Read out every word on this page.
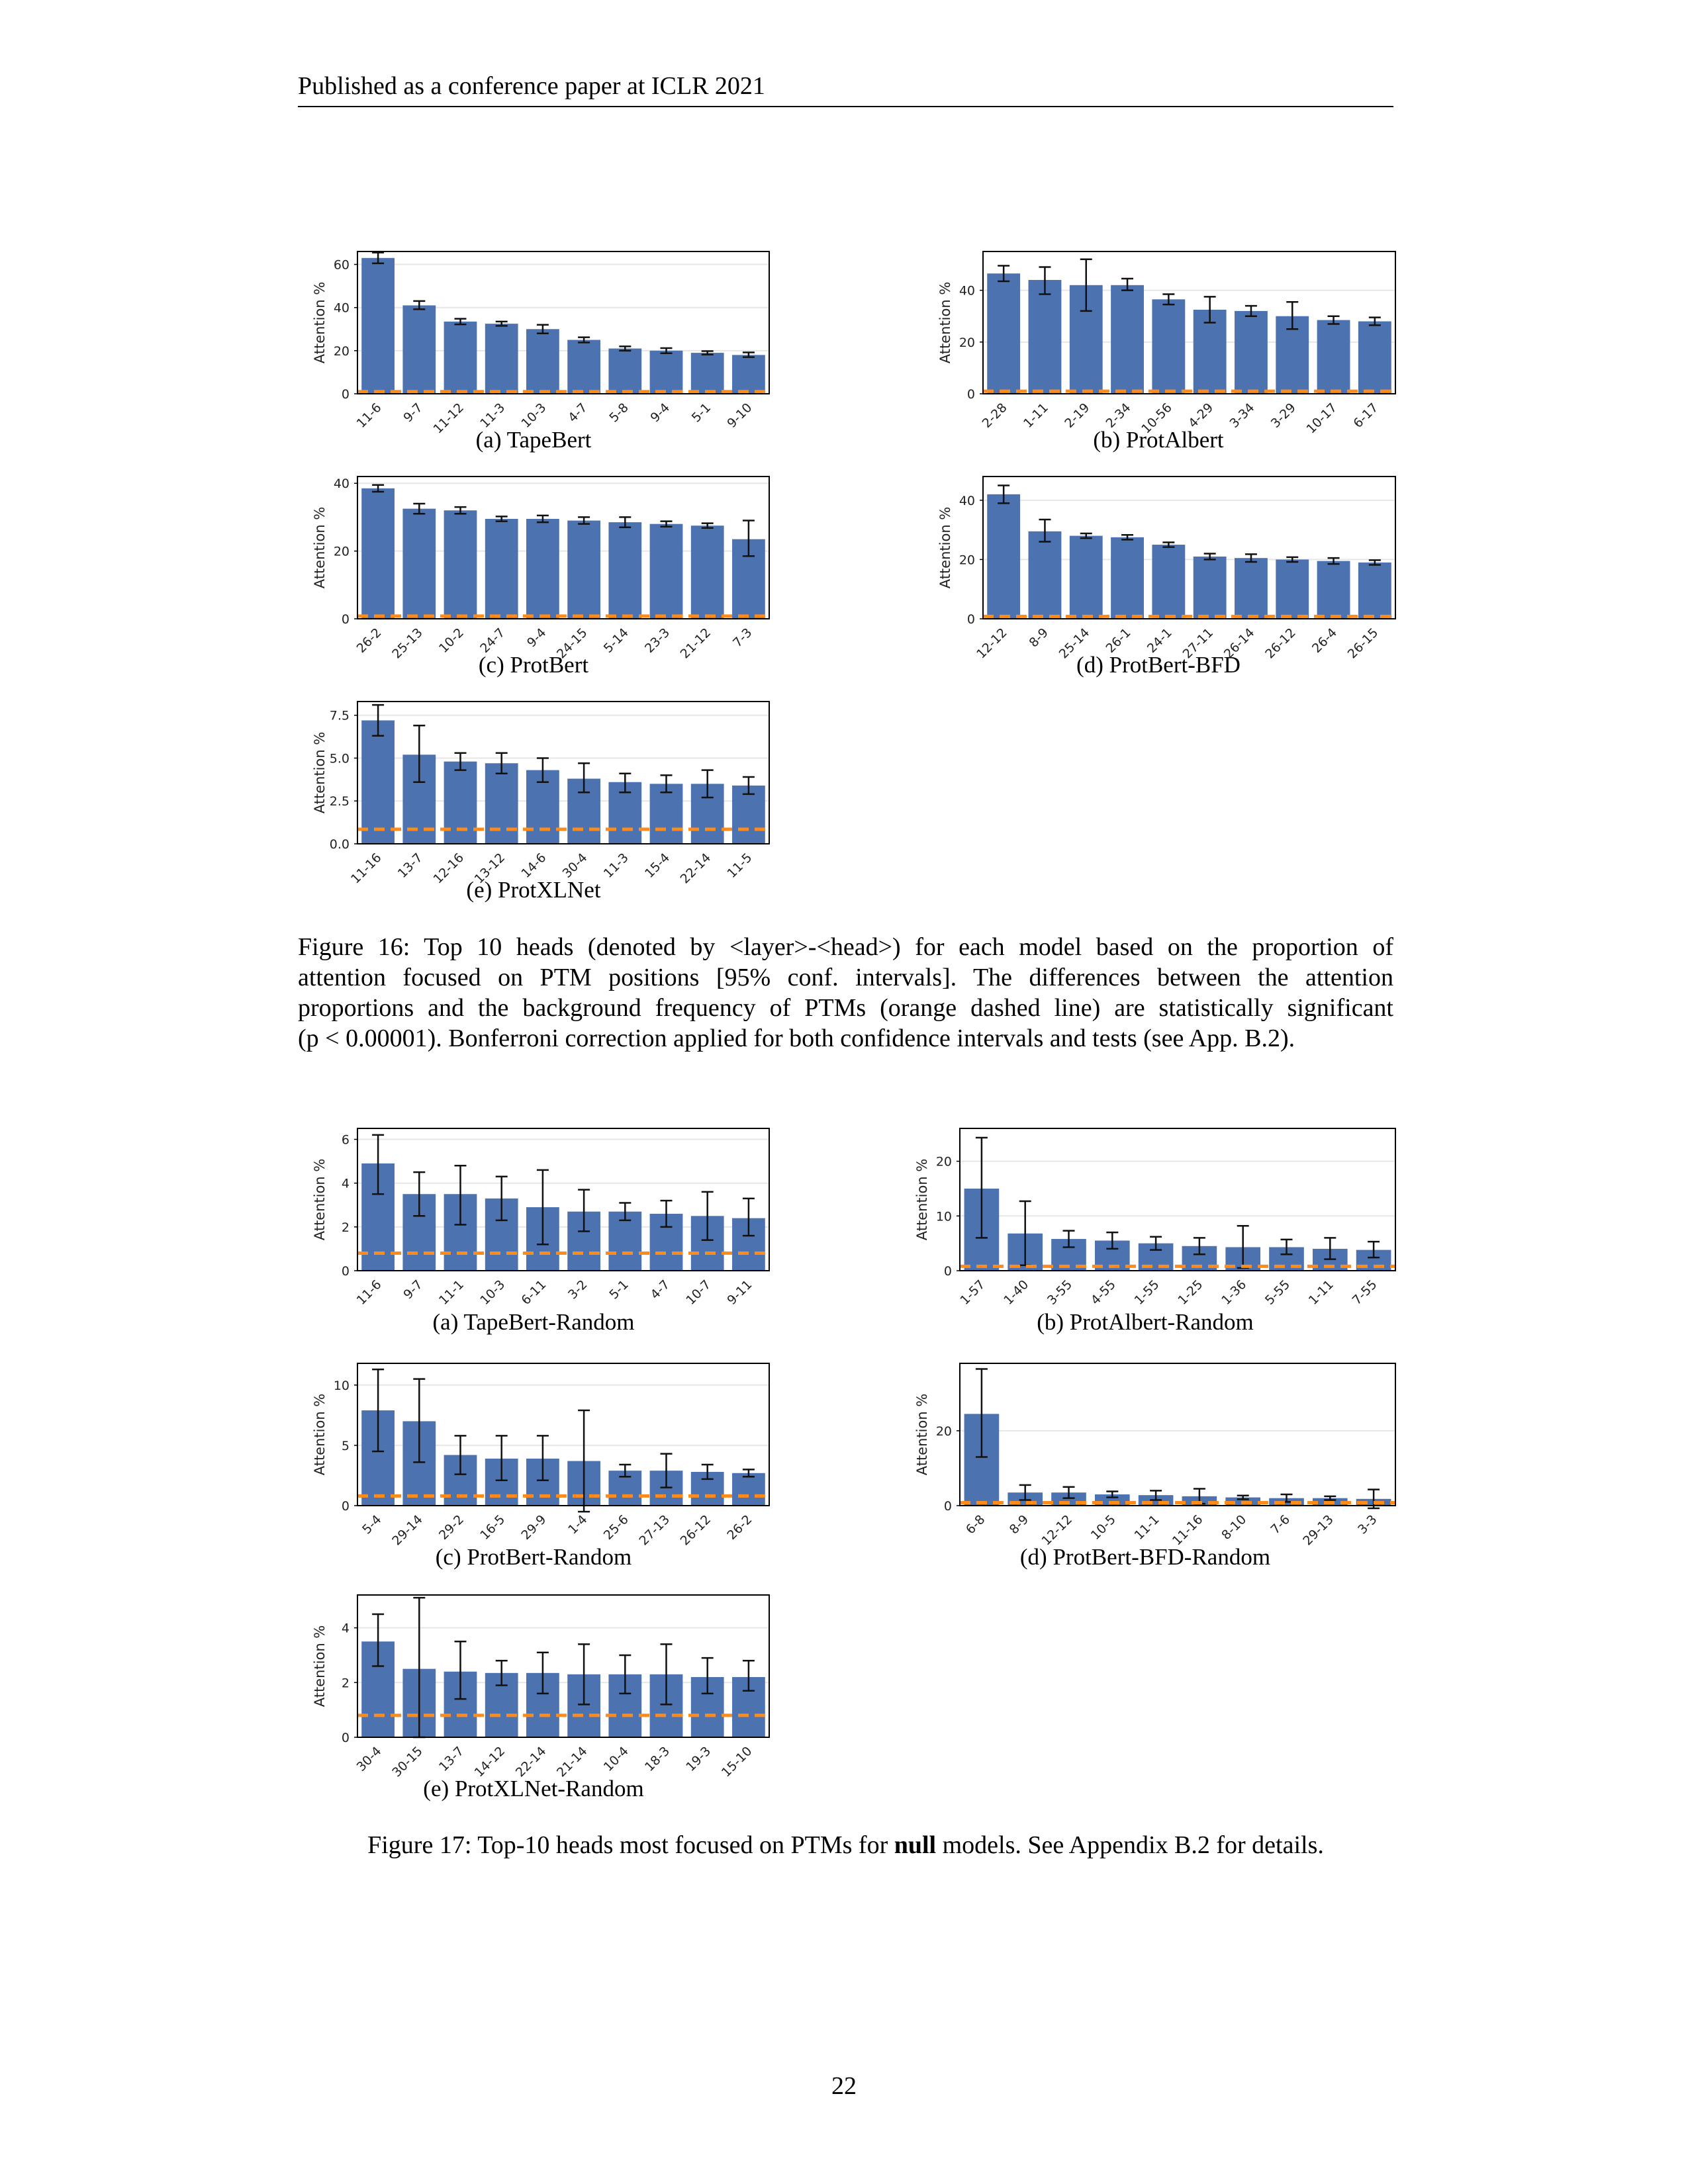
Published as a conference paper at ICLR 2021
0
20
40
60
Attention %
11-6 9-7 11-12 11-3 10-3 4-7 5-8 9-4 5-1 9-10
(a) TapeBert
0
20
40
Attention %
2-28 1-11 2-19 2-34 10-56 4-29 3-34 3-29 10-17 6-17
(b) ProtAlbert
0
20
40
Attention %
26-2 25-13 10-2 24-7 9-4 24-15 5-14 23-3 21-12 7-3
(c) ProtBert
0
20
40
Attention %
12-12 8-9 25-14 26-1 24-1 27-11 26-14 26-12 26-4 26-15
(d) ProtBert-BFD
0.0
2.5
5.0
7.5
Attention %
11-16 13-7 12-16 13-12 14-6 30-4 11-3 15-4 22-14 11-5
(e) ProtXLNet
Figure 16: Top 10 heads (denoted by <layer>-<head>) for each model based on the proportion of
attention focused on PTM positions [95% conf. intervals]. The differences between the attention
proportions and the background frequency of PTMs (orange dashed line) are statistically significant
(p < 0.00001). Bonferroni correction applied for both confidence intervals and tests (see App. B.2).
0
2
4
6
Attention %
11-6 9-7 11-1 10-3 6-11 3-2 5-1 4-7 10-7 9-11
(a) TapeBert-Random
0
10
20
Attention %
1-57 1-40 3-55 4-55 1-55 1-25 1-36 5-55 1-11 7-55
(b) ProtAlbert-Random
0
5
10
Attention %
5-4 29-14 29-2 16-5 29-9 1-4 25-6 27-13 26-12 26-2
(c) ProtBert-Random
0
20
Attention %
6-8 8-9 12-12 10-5 11-1 11-16 8-10 7-6 29-13 3-3
(d) ProtBert-BFD-Random
0
2
4
Attention %
30-4 30-15 13-7 14-12 22-14 21-14 10-4 18-3 19-3 15-10
(e) ProtXLNet-Random
Figure 17: Top-10 heads most focused on PTMs for null models. See Appendix B.2 for details.
22
